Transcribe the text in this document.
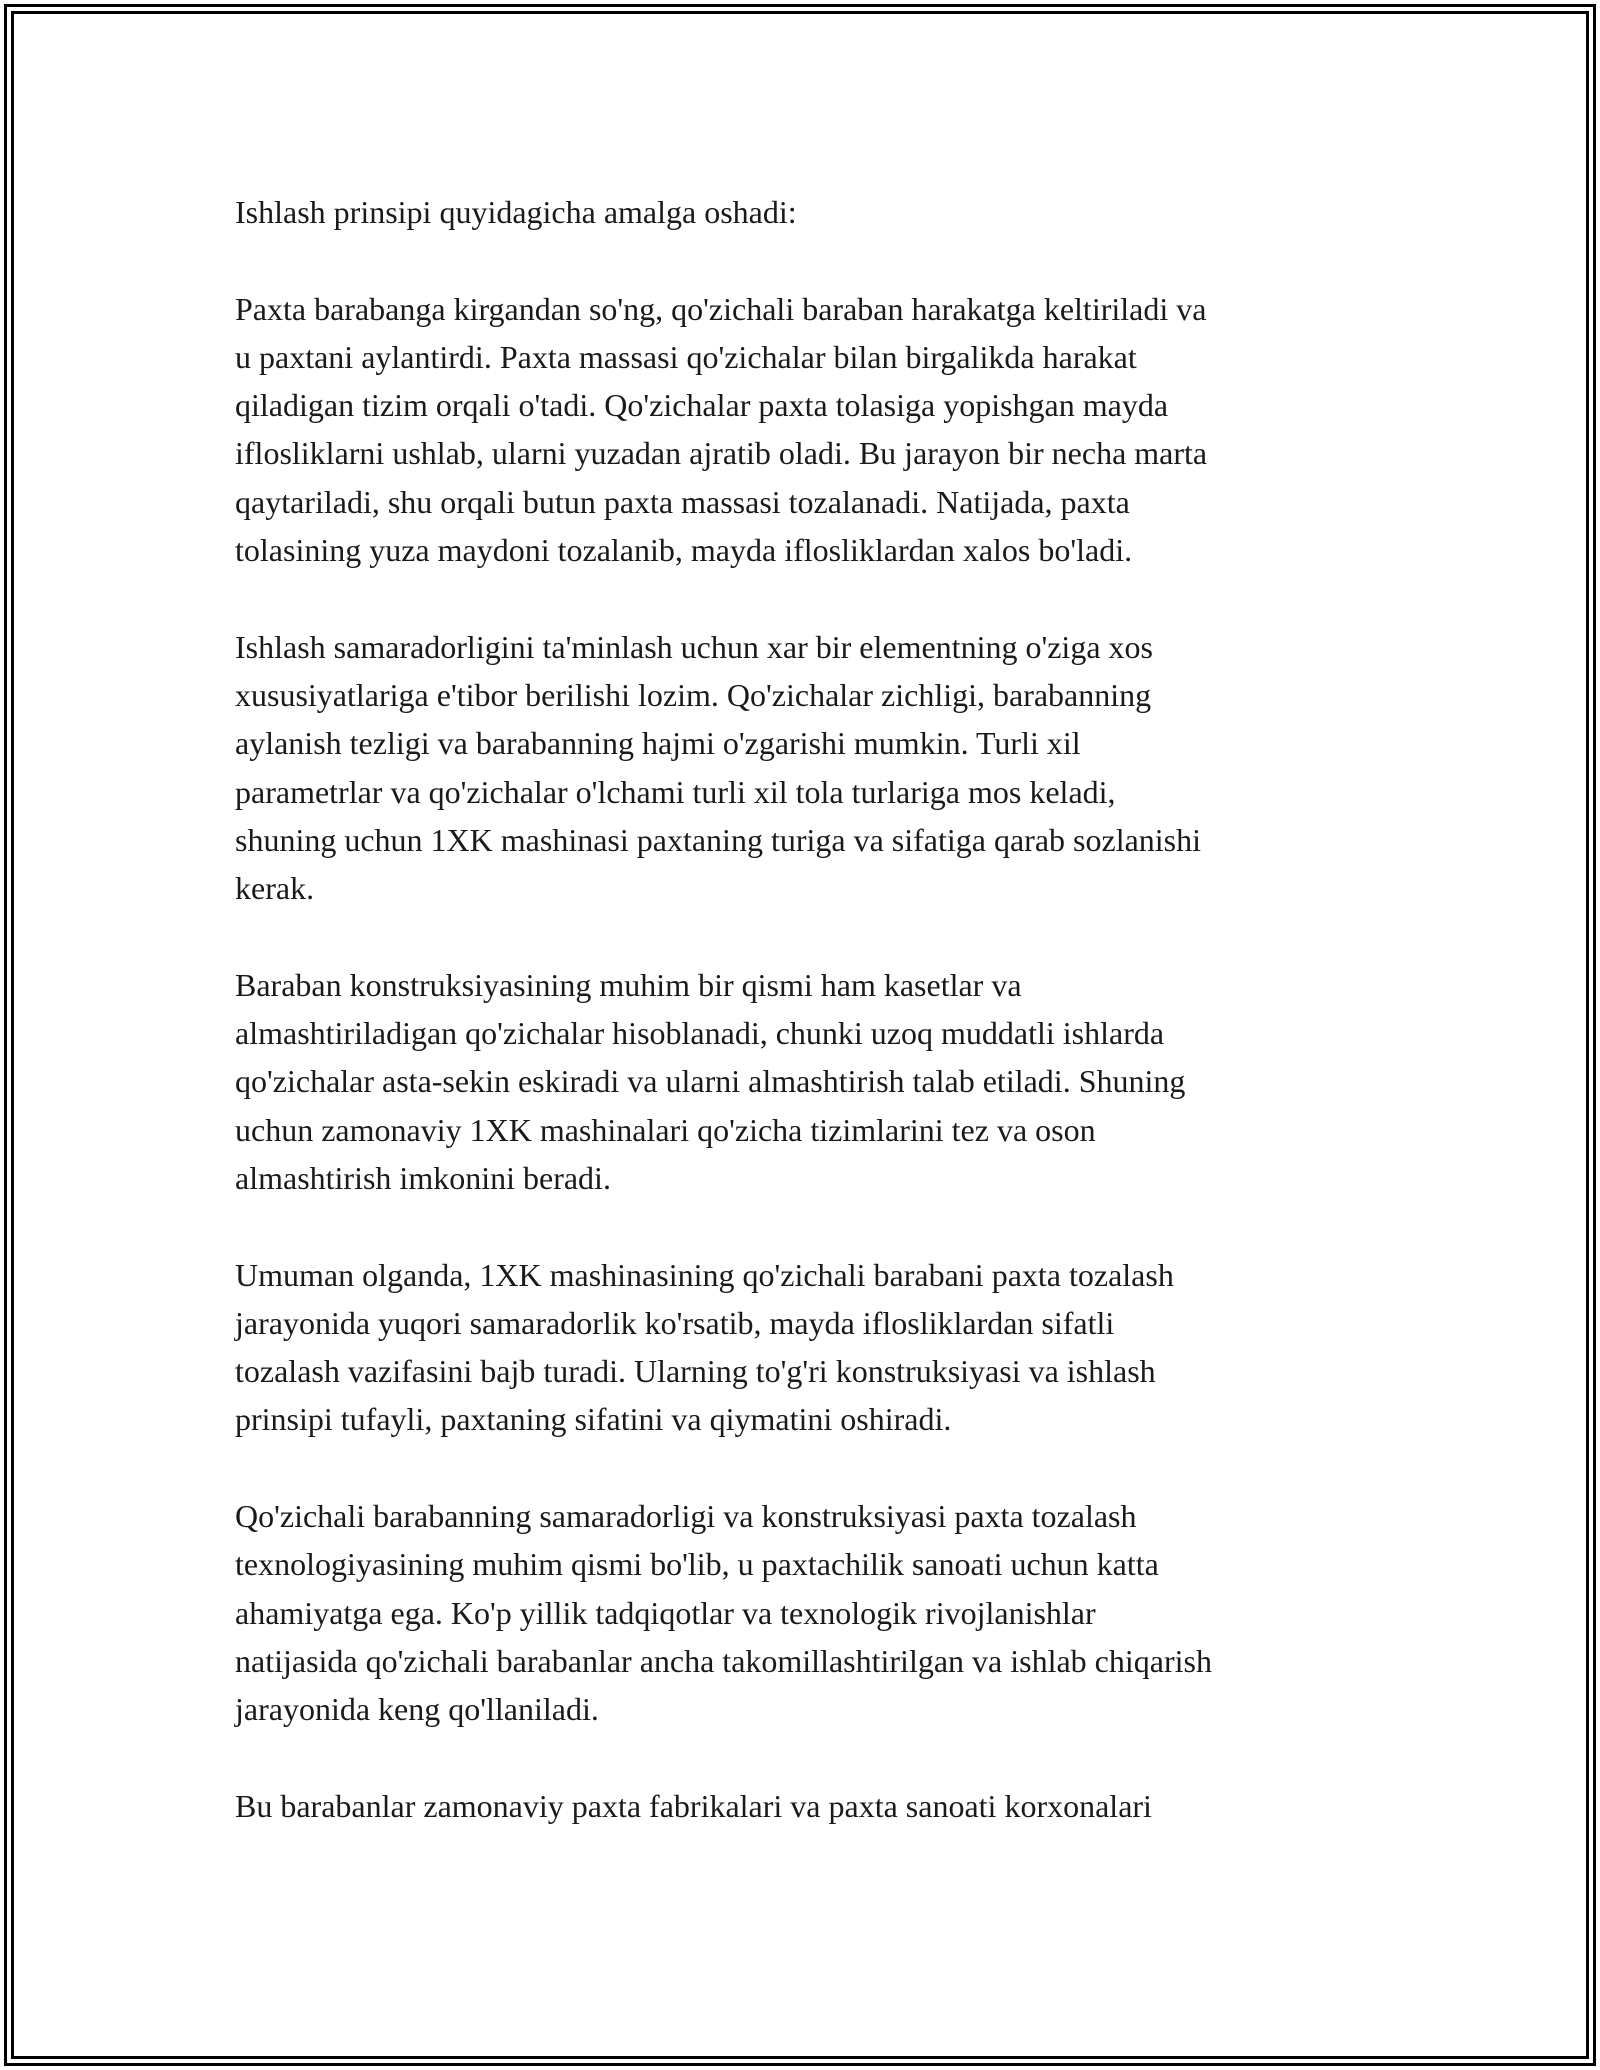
Ishlash prinsipi quyidagicha amalga oshadi:

Paxta barabanga kirgandan so'ng, qo'zichali baraban harakatga keltiriladi va
u paxtani aylantirdi. Paxta massasi qo'zichalar bilan birgalikda harakat
qiladigan tizim orqali o'tadi. Qo'zichalar paxta tolasiga yopishgan mayda
iflosliklarni ushlab, ularni yuzadan ajratib oladi. Bu jarayon bir necha marta
qaytariladi, shu orqali butun paxta massasi tozalanadi. Natijada, paxta
tolasining yuza maydoni tozalanib, mayda iflosliklardan xalos bo'ladi.

Ishlash samaradorligini ta'minlash uchun xar bir elementning o'ziga xos
xususiyatlariga e'tibor berilishi lozim. Qo'zichalar zichligi, barabanning
aylanish tezligi va barabanning hajmi o'zgarishi mumkin. Turli xil
parametrlar va qo'zichalar o'lchami turli xil tola turlariga mos keladi,
shuning uchun 1XK mashinasi paxtaning turiga va sifatiga qarab sozlanishi
kerak.

Baraban konstruksiyasining muhim bir qismi ham kasetlar va
almashtiriladigan qo'zichalar hisoblanadi, chunki uzoq muddatli ishlarda
qo'zichalar asta-sekin eskiradi va ularni almashtirish talab etiladi. Shuning
uchun zamonaviy 1XK mashinalari qo'zicha tizimlarini tez va oson
almashtirish imkonini beradi.

Umuman olganda, 1XK mashinasining qo'zichali barabani paxta tozalash
jarayonida yuqori samaradorlik ko'rsatib, mayda iflosliklardan sifatli
tozalash vazifasini bajb turadi. Ularning to'g'ri konstruksiyasi va ishlash
prinsipi tufayli, paxtaning sifatini va qiymatini oshiradi.

Qo'zichali barabanning samaradorligi va konstruksiyasi paxta tozalash
texnologiyasining muhim qismi bo'lib, u paxtachilik sanoati uchun katta
ahamiyatga ega. Ko'p yillik tadqiqotlar va texnologik rivojlanishlar
natijasida qo'zichali barabanlar ancha takomillashtirilgan va ishlab chiqarish
jarayonida keng qo'llaniladi.

Bu barabanlar zamonaviy paxta fabrikalari va paxta sanoati korxonalari
